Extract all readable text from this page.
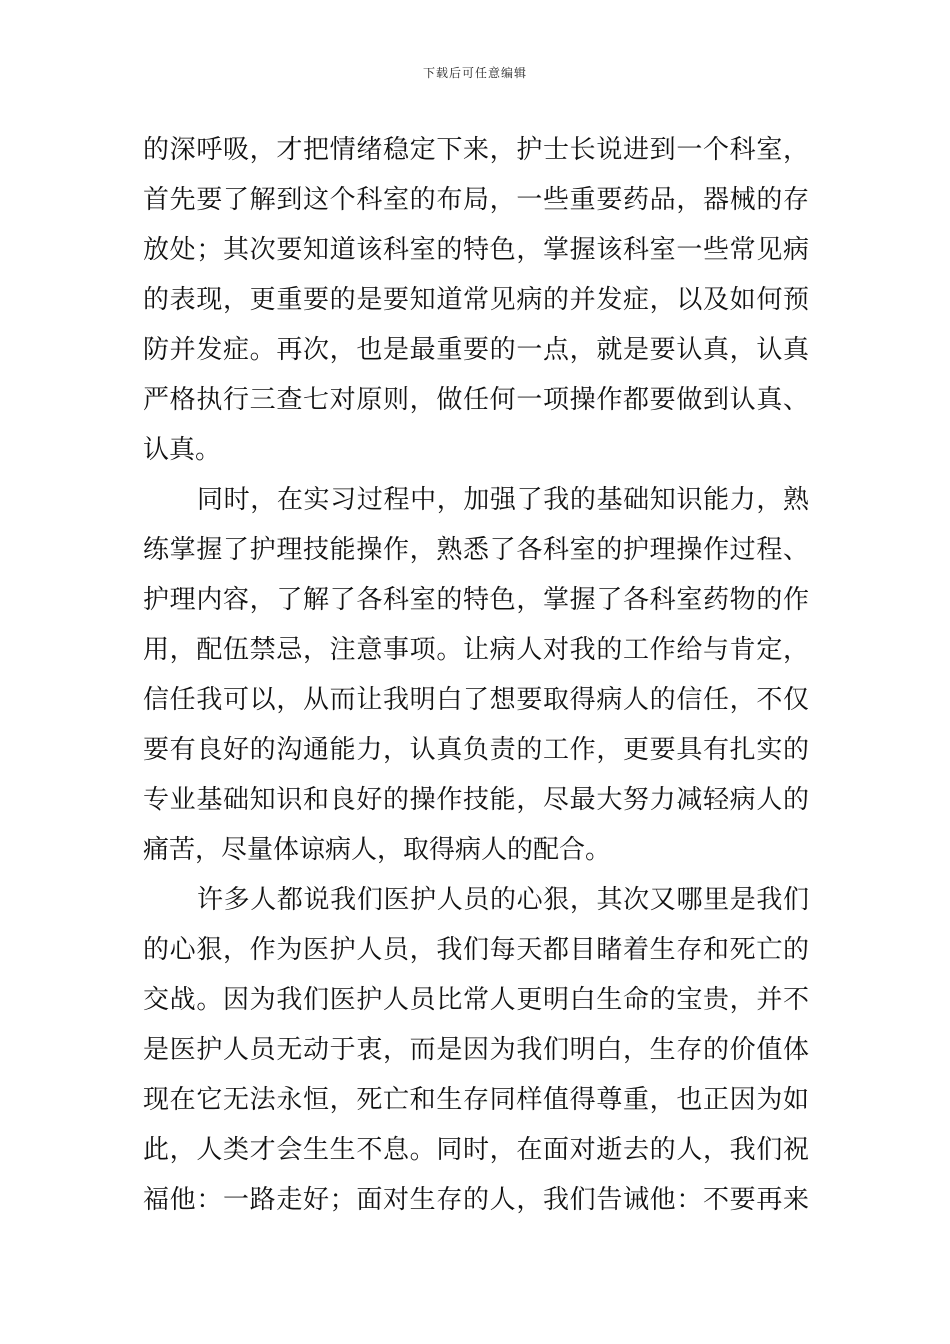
下载后可任意编辑
的深呼吸，才把情绪稳定下来，护士长说进到一个科室，
首先要了解到这个科室的布局，一些重要药品，器械的存
放处；其次要知道该科室的特色，掌握该科室一些常见病
的表现，更重要的是要知道常见病的并发症，以及如何预
防并发症。再次，也是最重要的一点，就是要认真，认真
严格执行三查七对原则，做任何一项操作都要做到认真、
认真。
同时，在实习过程中，加强了我的基础知识能力，熟
练掌握了护理技能操作，熟悉了各科室的护理操作过程、
护理内容，了解了各科室的特色，掌握了各科室药物的作
用，配伍禁忌，注意事项。让病人对我的工作给与肯定，
信任我可以，从而让我明白了想要取得病人的信任，不仅
要有良好的沟通能力，认真负责的工作，更要具有扎实的
专业基础知识和良好的操作技能，尽最大努力减轻病人的
痛苦，尽量体谅病人，取得病人的配合。
许多人都说我们医护人员的心狠，其次又哪里是我们
的心狠，作为医护人员，我们每天都目睹着生存和死亡的
交战。因为我们医护人员比常人更明白生命的宝贵，并不
是医护人员无动于衷，而是因为我们明白，生存的价值体
现在它无法永恒，死亡和生存同样值得尊重，也正因为如
此，人类才会生生不息。同时，在面对逝去的人，我们祝
福他：一路走好；面对生存的人，我们告诫他：不要再来
